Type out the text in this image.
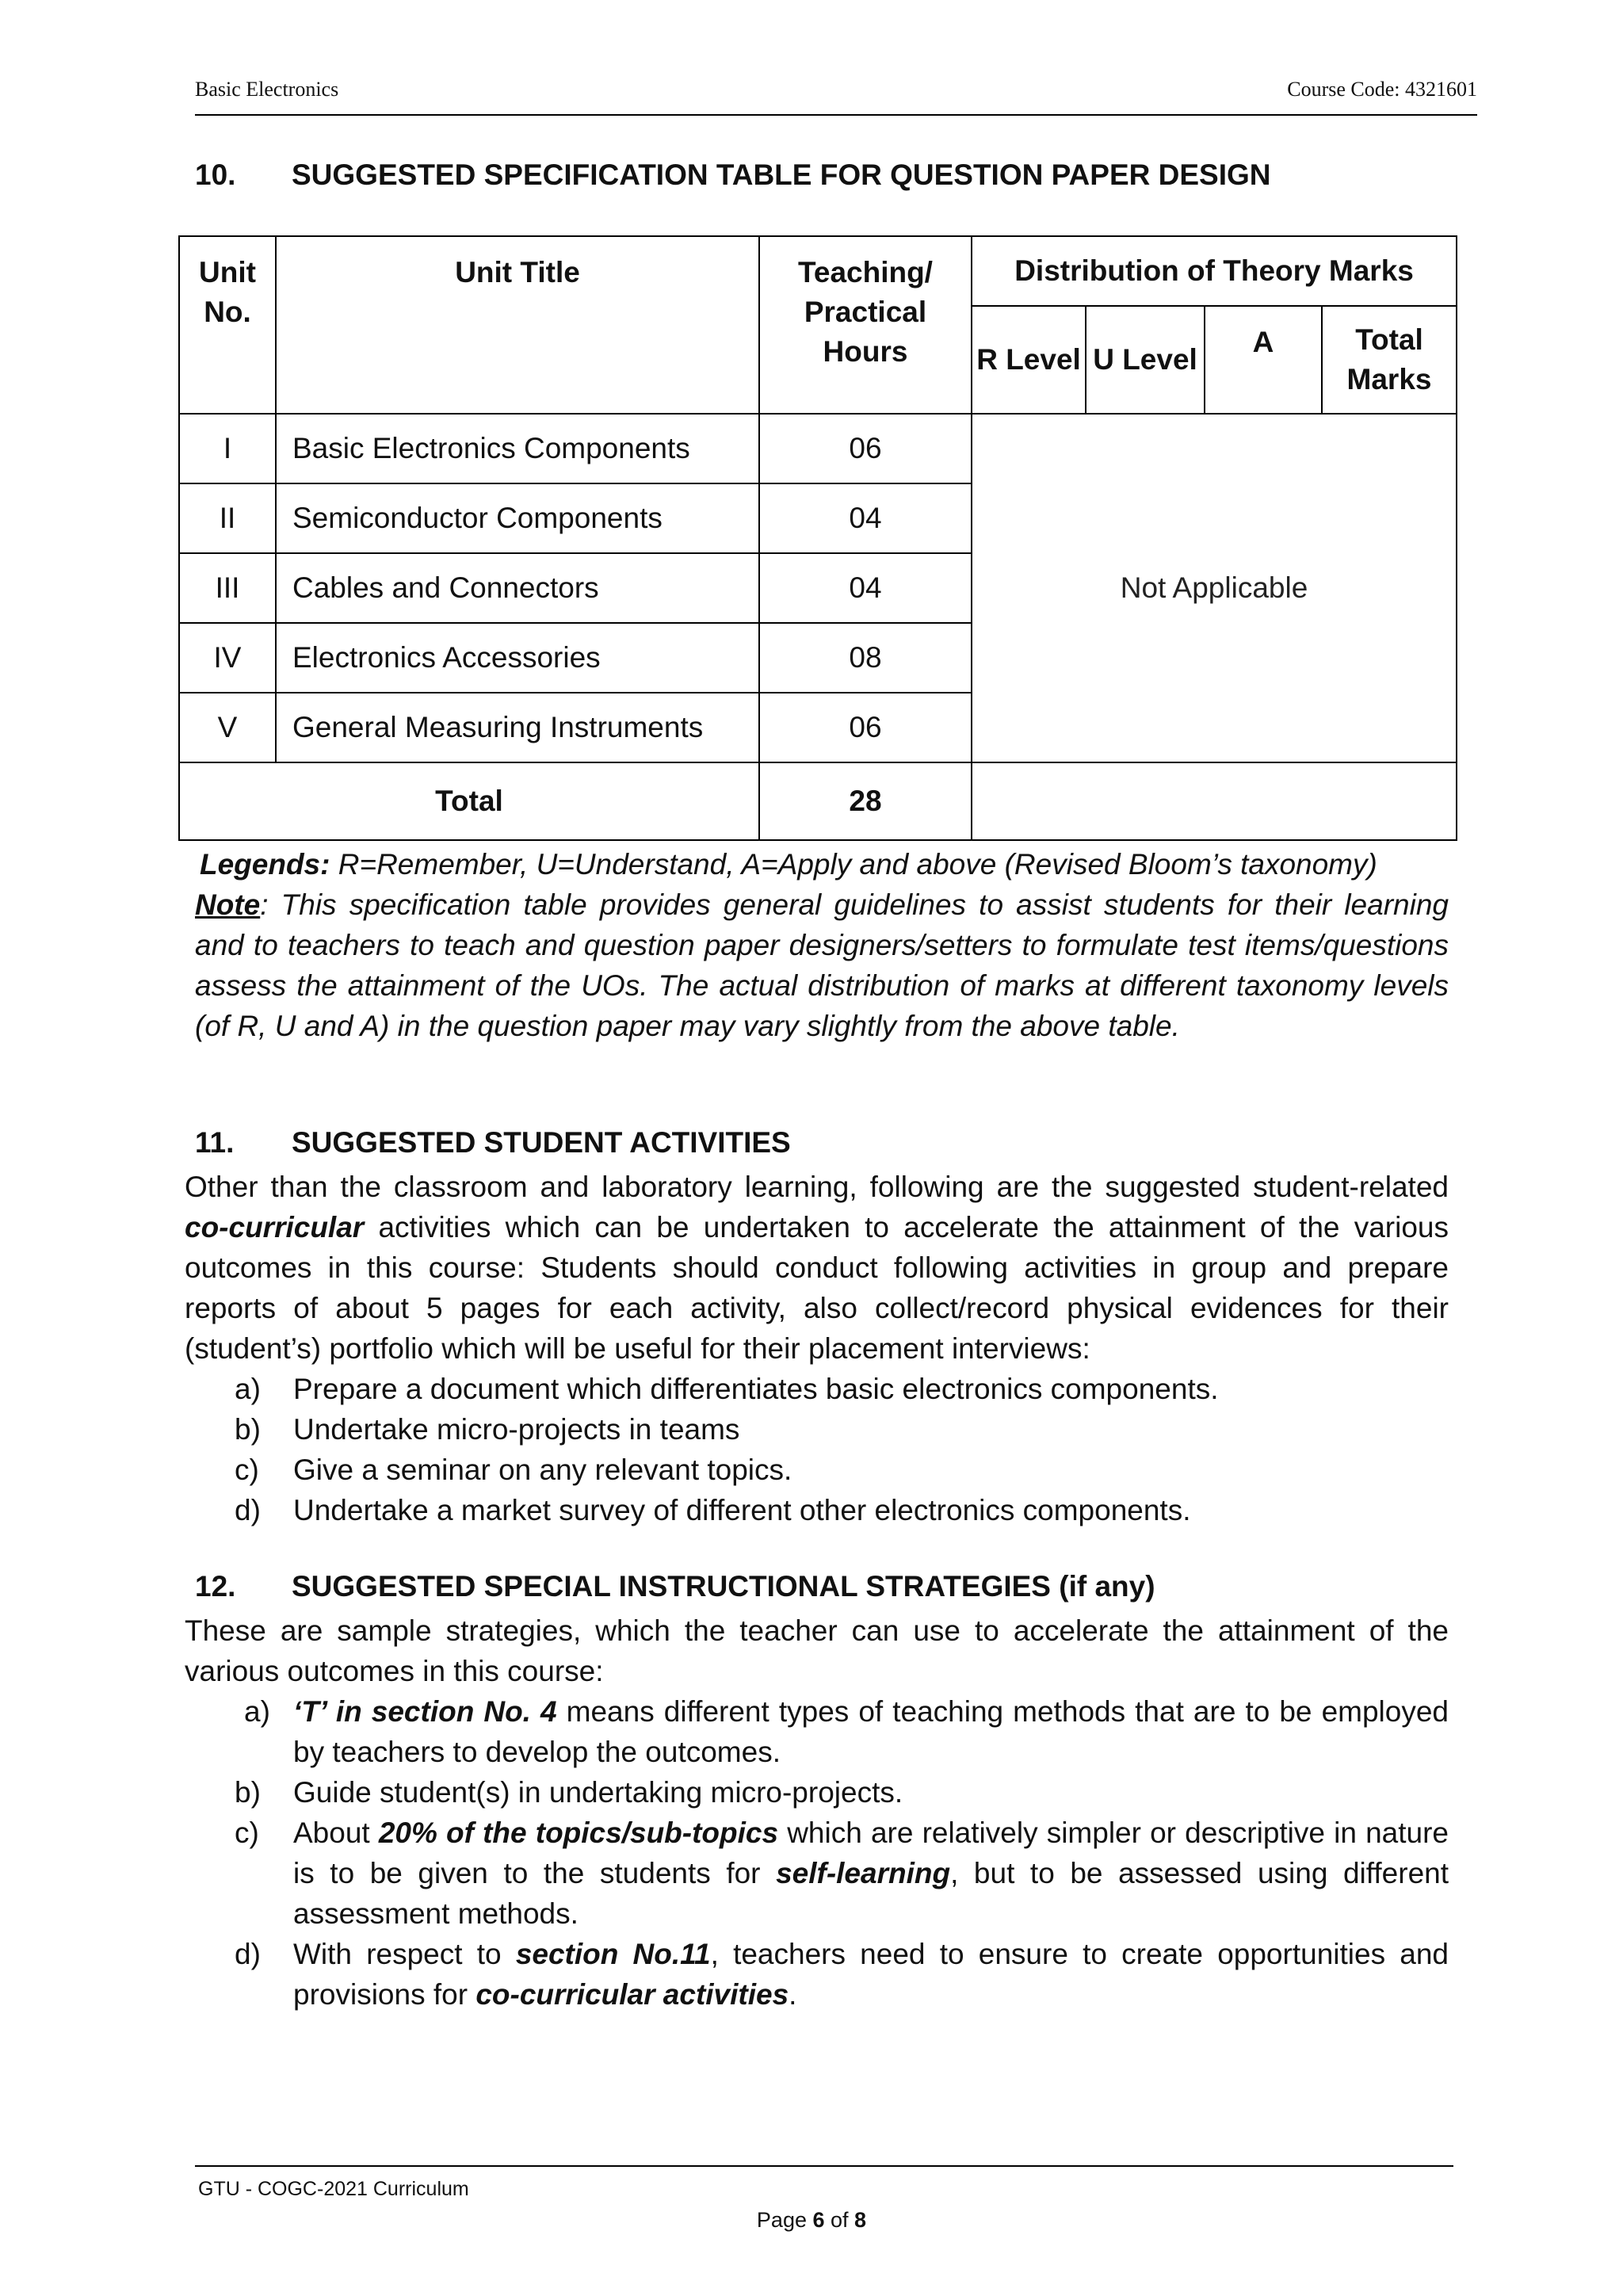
Basic Electronics	Course Code: 4321601
10. SUGGESTED SPECIFICATION TABLE FOR QUESTION PAPER DESIGN
Unit No.	Unit Title	Teaching/ Practical Hours	Distribution of Theory Marks			
			R Level	U Level	A	Total Marks
I	Basic Electronics Components	06	Not Applicable			
II	Semiconductor Components	04				
III	Cables and Connectors	04				
IV	Electronics Accessories	08				
V	General Measuring Instruments	06				
Total		28				
Legends: R=Remember, U=Understand, A=Apply and above (Revised Bloom’s taxonomy)
Note: This specification table provides general guidelines to assist students for their learning and to teachers to teach and question paper designers/setters to formulate test items/questions assess the attainment of the UOs. The actual distribution of marks at different taxonomy levels (of R, U and A) in the question paper may vary slightly from the above table.
11. SUGGESTED STUDENT ACTIVITIES
Other than the classroom and laboratory learning, following are the suggested student-related co-curricular activities which can be undertaken to accelerate the attainment of the various outcomes in this course: Students should conduct following activities in group and prepare reports of about 5 pages for each activity, also collect/record physical evidences for their (student’s) portfolio which will be useful for their placement interviews:
a) Prepare a document which differentiates basic electronics components.
b) Undertake micro-projects in teams
c) Give a seminar on any relevant topics.
d) Undertake a market survey of different other electronics components.
12. SUGGESTED SPECIAL INSTRUCTIONAL STRATEGIES (if any)
These are sample strategies, which the teacher can use to accelerate the attainment of the various outcomes in this course:
a) ‘T’ in section No. 4 means different types of teaching methods that are to be employed by teachers to develop the outcomes.
b) Guide student(s) in undertaking micro-projects.
c) About 20% of the topics/sub-topics which are relatively simpler or descriptive in nature is to be given to the students for self-learning, but to be assessed using different assessment methods.
d) With respect to section No.11, teachers need to ensure to create opportunities and provisions for co-curricular activities.
GTU - COGC-2021 Curriculum
Page 6 of 8
